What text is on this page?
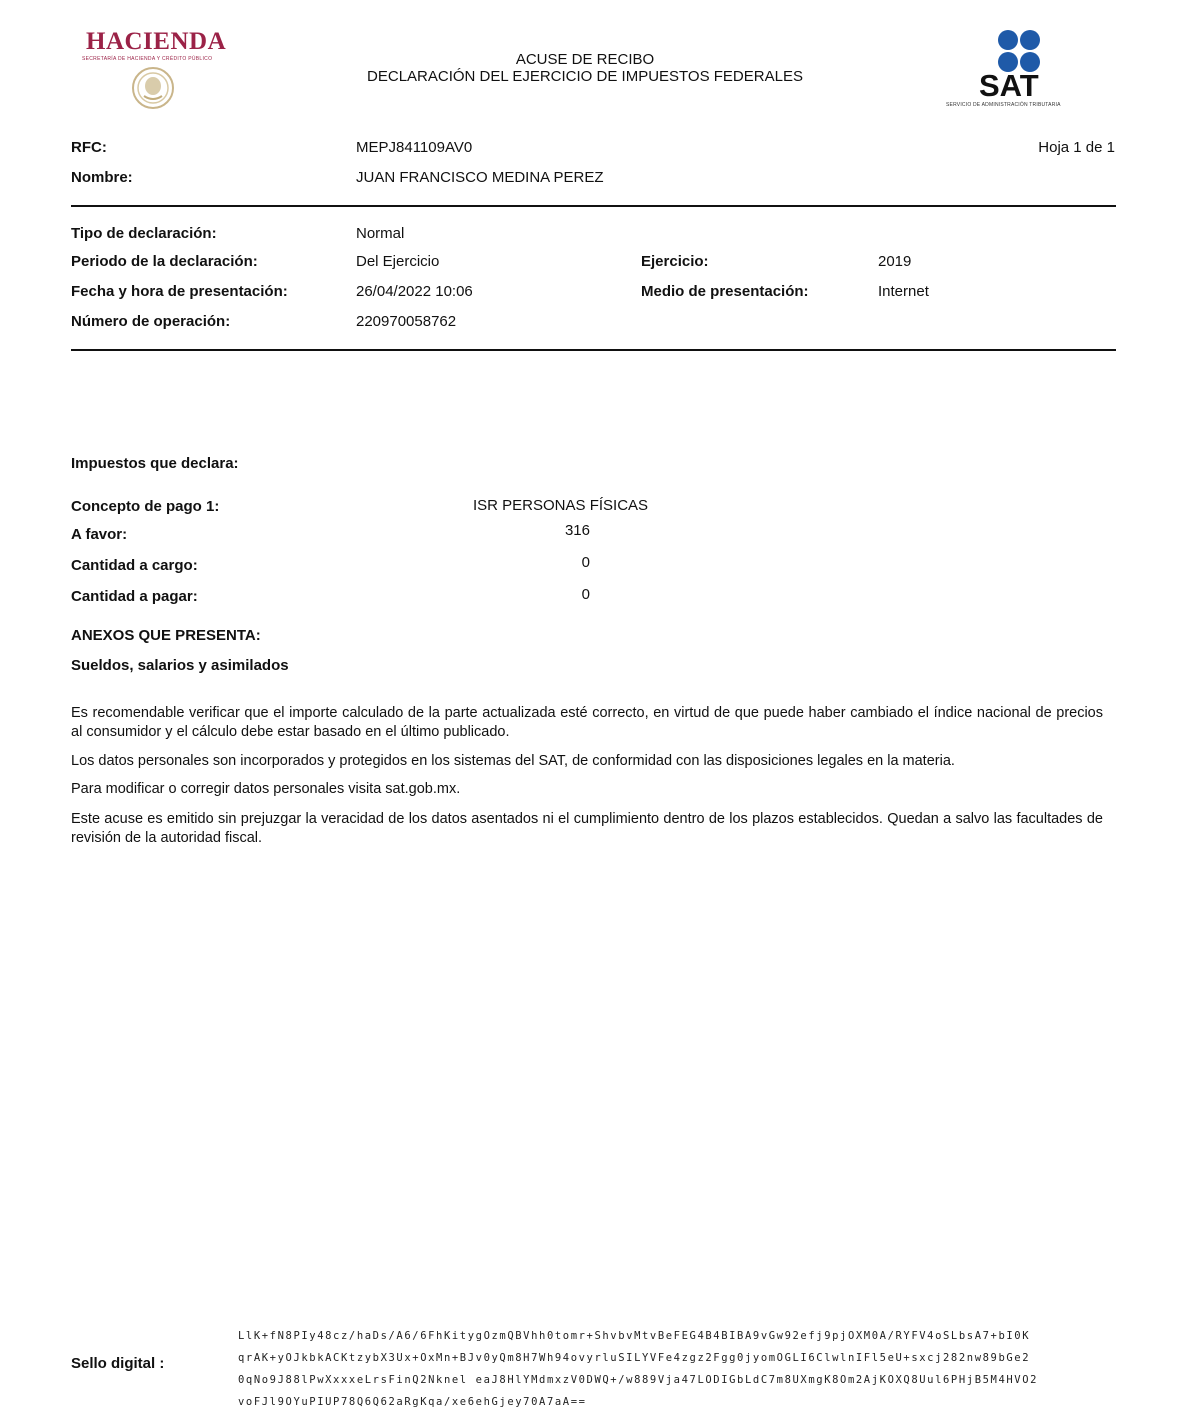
HACIENDA
SECRETARÍA DE HACIENDA Y CRÉDITO PÚBLICO	ACUSE DE RECIBO
DECLARACIÓN DEL EJERCICIO DE IMPUESTOS FEDERALES	SAT
SERVICIO DE ADMINISTRACIÓN TRIBUTARIA
RFC:	MEPJ841109AV0	Hoja 1 de 1
Nombre:	JUAN FRANCISCO MEDINA PEREZ
Tipo de declaración:	Normal
Periodo de la declaración:	Del Ejercicio	Ejercicio:	2019
Fecha y hora de presentación:	26/04/2022 10:06	Medio de presentación:	Internet
Número de operación:	220970058762
Impuestos que declara:
Concepto de pago 1:	ISR PERSONAS FÍSICAS
A favor:	316
Cantidad a cargo:	0
Cantidad a pagar:	0
ANEXOS QUE PRESENTA:
Sueldos, salarios y asimilados
Es recomendable verificar que el importe calculado de la parte actualizada esté correcto, en virtud de que puede haber cambiado el índice nacional de precios al consumidor y el cálculo debe estar basado en el último publicado.
Los datos personales son incorporados y protegidos en los sistemas del SAT, de conformidad con las disposiciones legales en la materia.
Para modificar o corregir datos personales visita sat.gob.mx.
Este acuse es emitido sin prejuzgar la veracidad de los datos asentados ni el cumplimiento dentro de los plazos establecidos. Quedan a salvo las facultades de revisión de la autoridad fiscal.
Sello digital :
LlK+fN8PIy48cz/haDs/A6/6FhKitygOzmQBVhh0tomr+ShvbvMtvBeFEG4B4BIBA9vGw92efj9pjOXM0A/RYFV4oSLbsA7+bI0K
qrAK+yOJkbkACKtzybX3Ux+OxMn+BJv0yQm8H7Wh94ovyrluSILYVFe4zgz2Fgg0jyomOGLI6ClwlnIFl5eU+sxcj282nw89bGe2
0qNo9J88lPwXxxxeLrsFinQ2Nknel eaJ8HlYMdmxzV0DWQ+/w889Vja47LODIGbLdC7m8UXmgK8Om2AjKOXQ8Uul6PHjB5M4HVO2
voFJl9OYuPIUP78Q6Q62aRgKqa/xe6ehGjey70A7aA==
